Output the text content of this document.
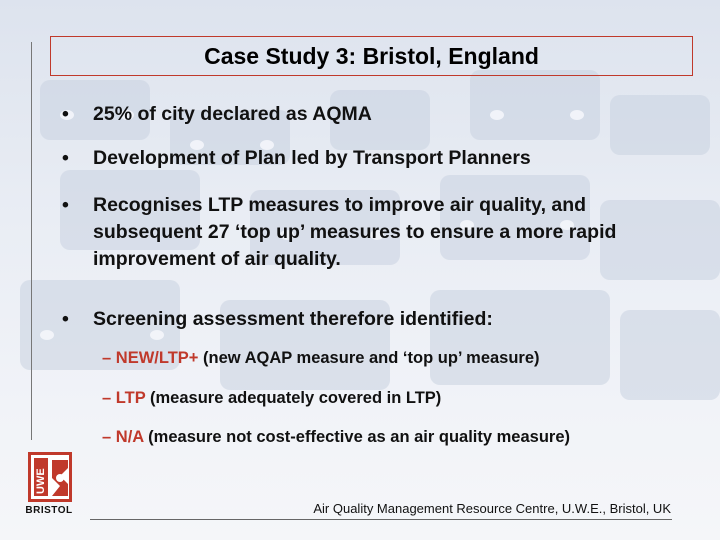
Case Study 3: Bristol, England
• 25% of city declared as AQMA
• Development of Plan led by Transport Planners
• Recognises LTP measures to improve air quality, and subsequent 27 ‘top up’ measures to ensure a more rapid improvement of air quality.
• Screening assessment therefore identified:
– NEW/LTP+ (new AQAP measure and ‘top up’ measure)
– LTP (measure adequately covered in LTP)
– N/A (measure not cost-effective as an air quality measure)
UWE
BRISTOL	Air Quality Management Resource Centre, U.W.E., Bristol, UK
